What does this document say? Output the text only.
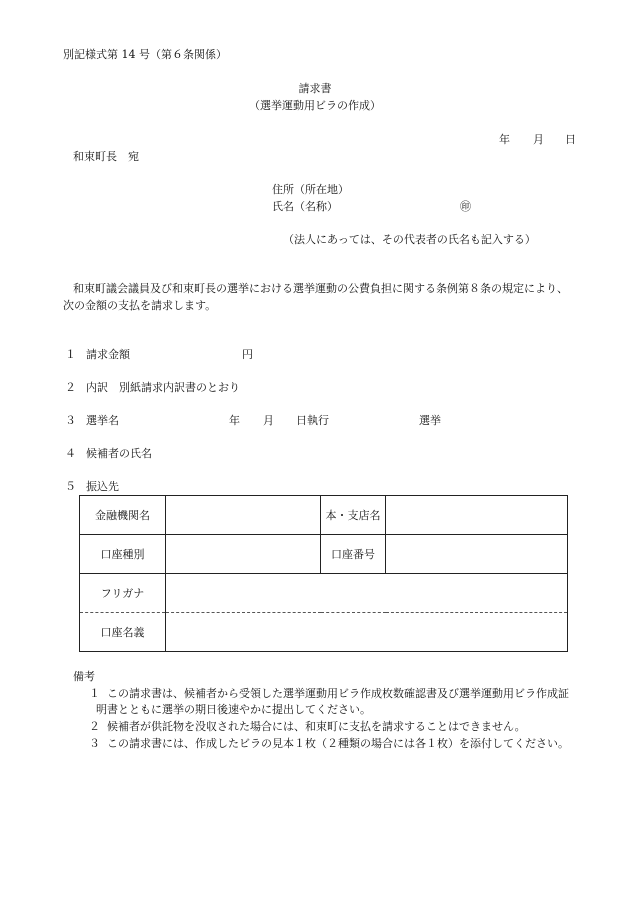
別記様式第 14 号（第６条関係）
請求書
（選挙運動用ビラの作成）
年 月 日
和束町長　宛
住所（所在地）
氏名（名称）	㊞
（法人にあっては、その代表者の氏名も記入する）
和束町議会議員及び和束町長の選挙における選挙運動の公費負担に関する条例第８条の規定により、
次の金額の支払を請求します。
１ 請求金額	円
２ 内訳　別紙請求内訳書のとおり
３ 選挙名	年 月 日執行	選挙
４ 候補者の氏名
５ 振込先
金融機関名		本・支店名	
口座種別		口座番号	
フリガナ			
口座名義			
備考
１ この請求書は、候補者から受領した選挙運動用ビラ作成枚数確認書及び選挙運動用ビラ作成証
明書とともに選挙の期日後速やかに提出してください。
２ 候補者が供託物を没収された場合には、和束町に支払を請求することはできません。
３ この請求書には、作成したビラの見本１枚（２種類の場合には各１枚）を添付してください。
